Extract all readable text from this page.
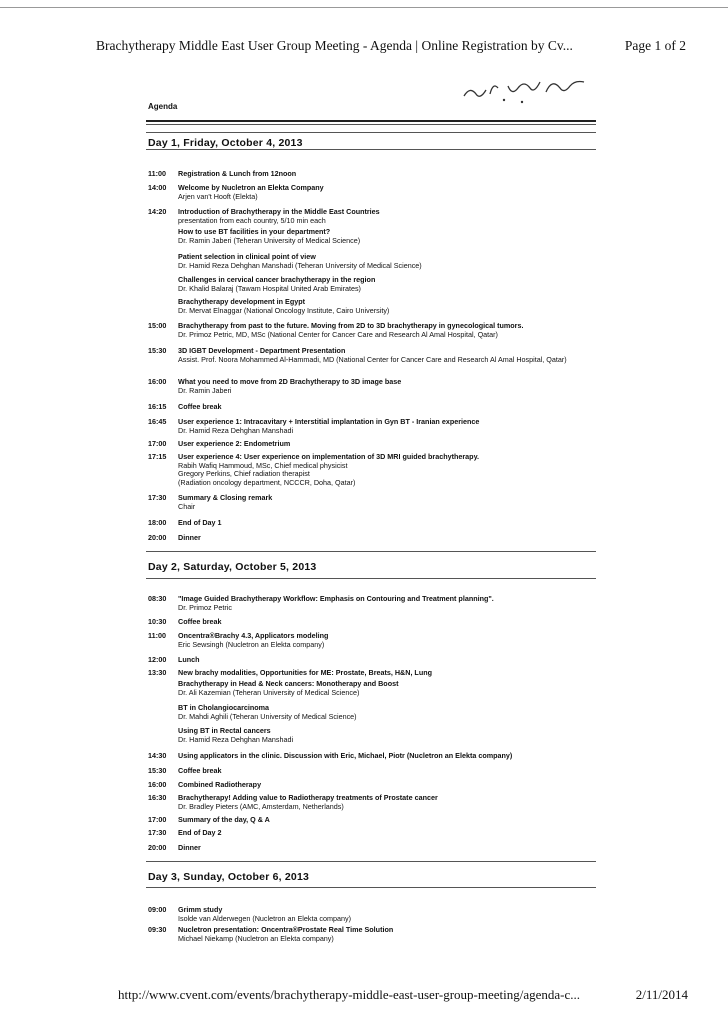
Brachytherapy Middle East User Group Meeting - Agenda | Online Registration by Cv...	Page 1 of 2
Agenda
Day 1, Friday, October 4, 2013
11:00	Registration & Lunch from 12noon
14:00	Welcome by Nucletron an Elekta Company
Arjen van't Hooft (Elekta)
14:20	Introduction of Brachytherapy in the Middle East Countries
presentation from each country, 5/10 min each
How to use BT facilities in your department?
Dr. Ramin Jaberi (Teheran University of Medical Science)
Patient selection in clinical point of view
Dr. Hamid Reza Dehghan Manshadi (Teheran University of Medical Science)
Challenges in cervical cancer brachytherapy in the region
Dr. Khalid Balaraj (Tawam Hospital United Arab Emirates)
Brachytherapy development in Egypt
Dr. Mervat Elnaggar (National Oncology Institute, Cairo University)
15:00	Brachytherapy from past to the future. Moving from 2D to 3D brachytherapy in gynecological tumors.
Dr. Primoz Petric, MD, MSc (National Center for Cancer Care and Research Al Amal Hospital, Qatar)
15:30	3D IGBT Development - Department Presentation
Assist. Prof. Noora Mohammed Al-Hammadi, MD (National Center for Cancer Care and Research Al Amal Hospital, Qatar)
16:00	What you need to move from 2D Brachytherapy to 3D image base
Dr. Ramin Jaberi
16:15	Coffee break
16:45	User experience 1: Intracavitary + Interstitial implantation in Gyn BT - Iranian experience
Dr. Hamid Reza Dehghan Manshadi
17:00	User experience 2: Endometrium
17:15	User experience 4: User experience on implementation of 3D MRI guided brachytherapy.
Rabih Wafiq Hammoud, MSc, Chief medical physicist
Gregory Perkins, Chief radiation therapist
(Radiation oncology department, NCCCR, Doha, Qatar)
17:30	Summary & Closing remark
Chair
18:00	End of Day 1
20:00	Dinner
Day 2, Saturday, October 5, 2013
08:30	"Image Guided Brachytherapy Workflow: Emphasis on Contouring and Treatment planning".
Dr. Primoz Petric
10:30	Coffee break
11:00	Oncentra®Brachy 4.3, Applicators modeling
Eric Sewsingh (Nucletron an Elekta company)
12:00	Lunch
13:30	New brachy modalities, Opportunities for ME: Prostate, Breats, H&N, Lung
Brachytherapy in Head & Neck cancers: Monotherapy and Boost
Dr. Ali Kazemian (Teheran University of Medical Science)
BT in Cholangiocarcinoma
Dr. Mahdi Aghili (Teheran University of Medical Science)
Using BT in Rectal cancers
Dr. Hamid Reza Dehghan Manshadi
14:30	Using applicators in the clinic. Discussion with Eric, Michael, Piotr (Nucletron an Elekta company)
15:30	Coffee break
16:00	Combined Radiotherapy
16:30	Brachytherapy! Adding value to Radiotherapy treatments of Prostate cancer
Dr. Bradley Pieters (AMC, Amsterdam, Netherlands)
17:00	Summary of the day, Q & A
17:30	End of Day 2
20:00	Dinner
Day 3, Sunday, October 6, 2013
09:00	Grimm study
Isolde van Alderwegen (Nucletron an Elekta company)
09:30	Nucletron presentation: Oncentra®Prostate Real Time Solution
Michael Niekamp (Nucletron an Elekta company)
http://www.cvent.com/events/brachytherapy-middle-east-user-group-meeting/agenda-c...	2/11/2014
